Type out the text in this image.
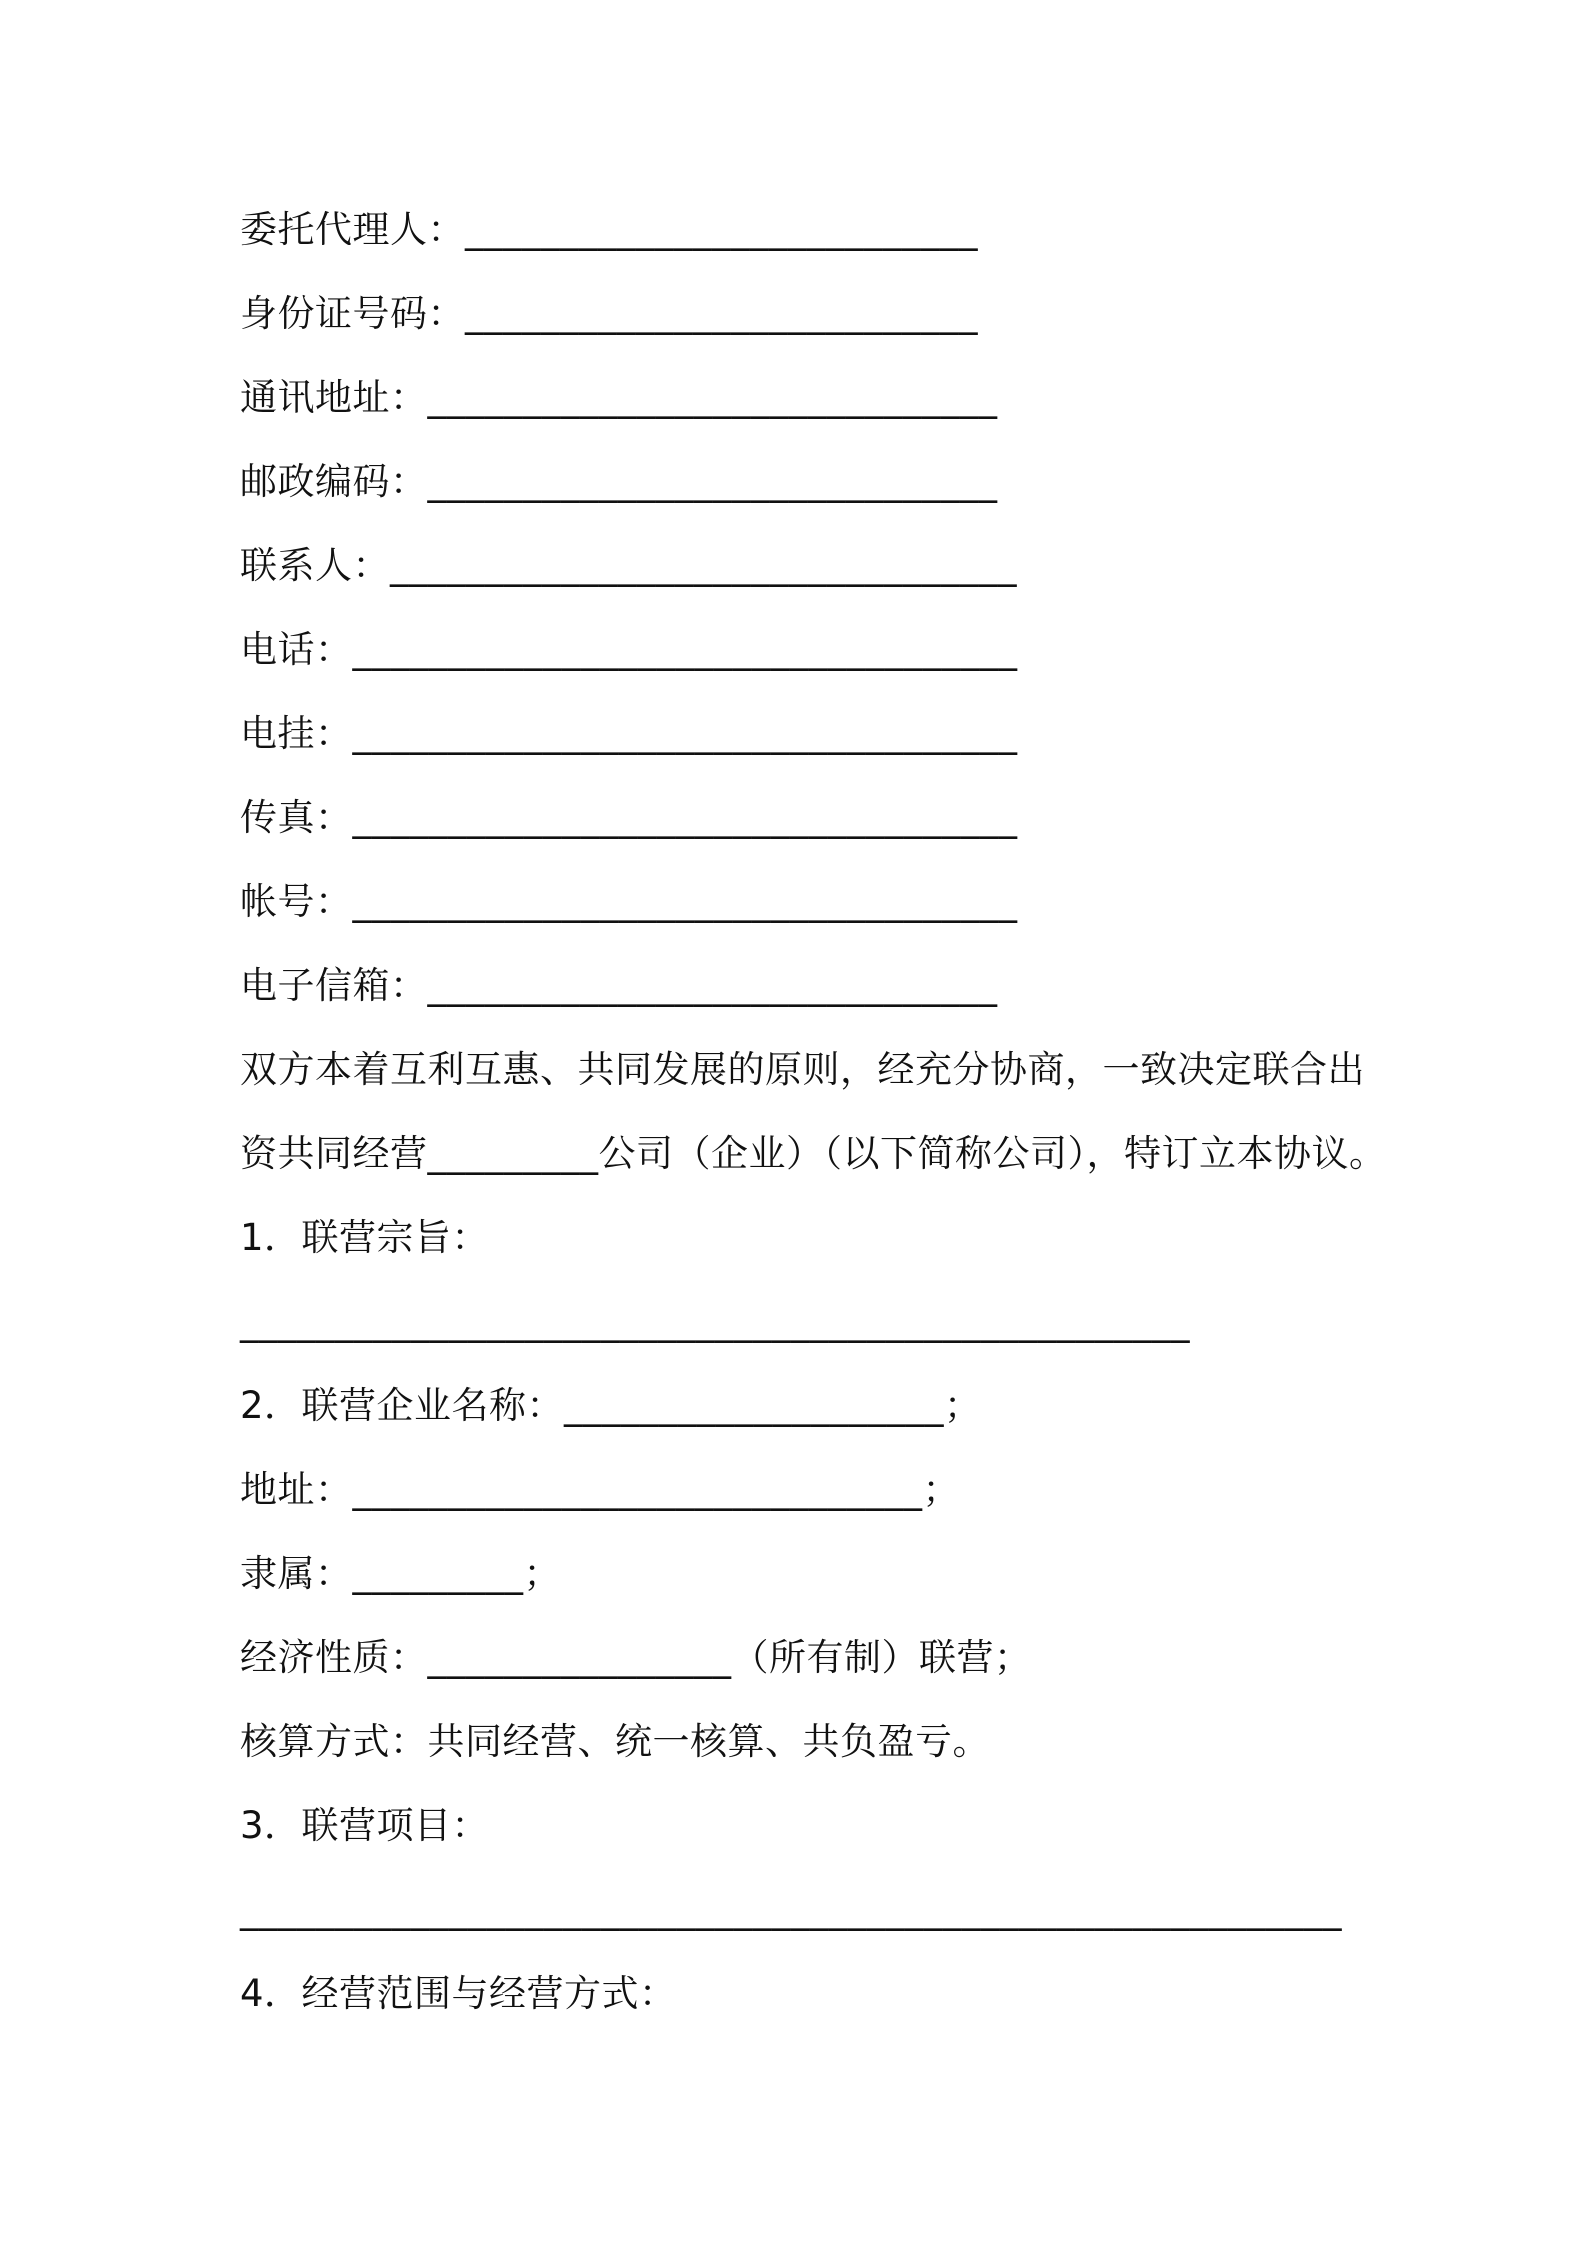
委托代理人：___________________________
身份证号码：___________________________
通讯地址：______________________________
邮政编码：______________________________
联系人：_________________________________
电话：___________________________________
电挂：___________________________________
传真：___________________________________
帐号：___________________________________
电子信箱：______________________________
双方本着互利互惠、共同发展的原则，经充分协商，一致决定联合出
资共同经营_________公司（企业）（以下简称公司），特订立本协议。
1．联营宗旨：
__________________________________________________
2．联营企业名称：____________________；
地址：______________________________；
隶属：_________；
经济性质：________________（所有制）联营；
核算方式：共同经营、统一核算、共负盈亏。
3．联营项目：
__________________________________________________________
4．经营范围与经营方式：
